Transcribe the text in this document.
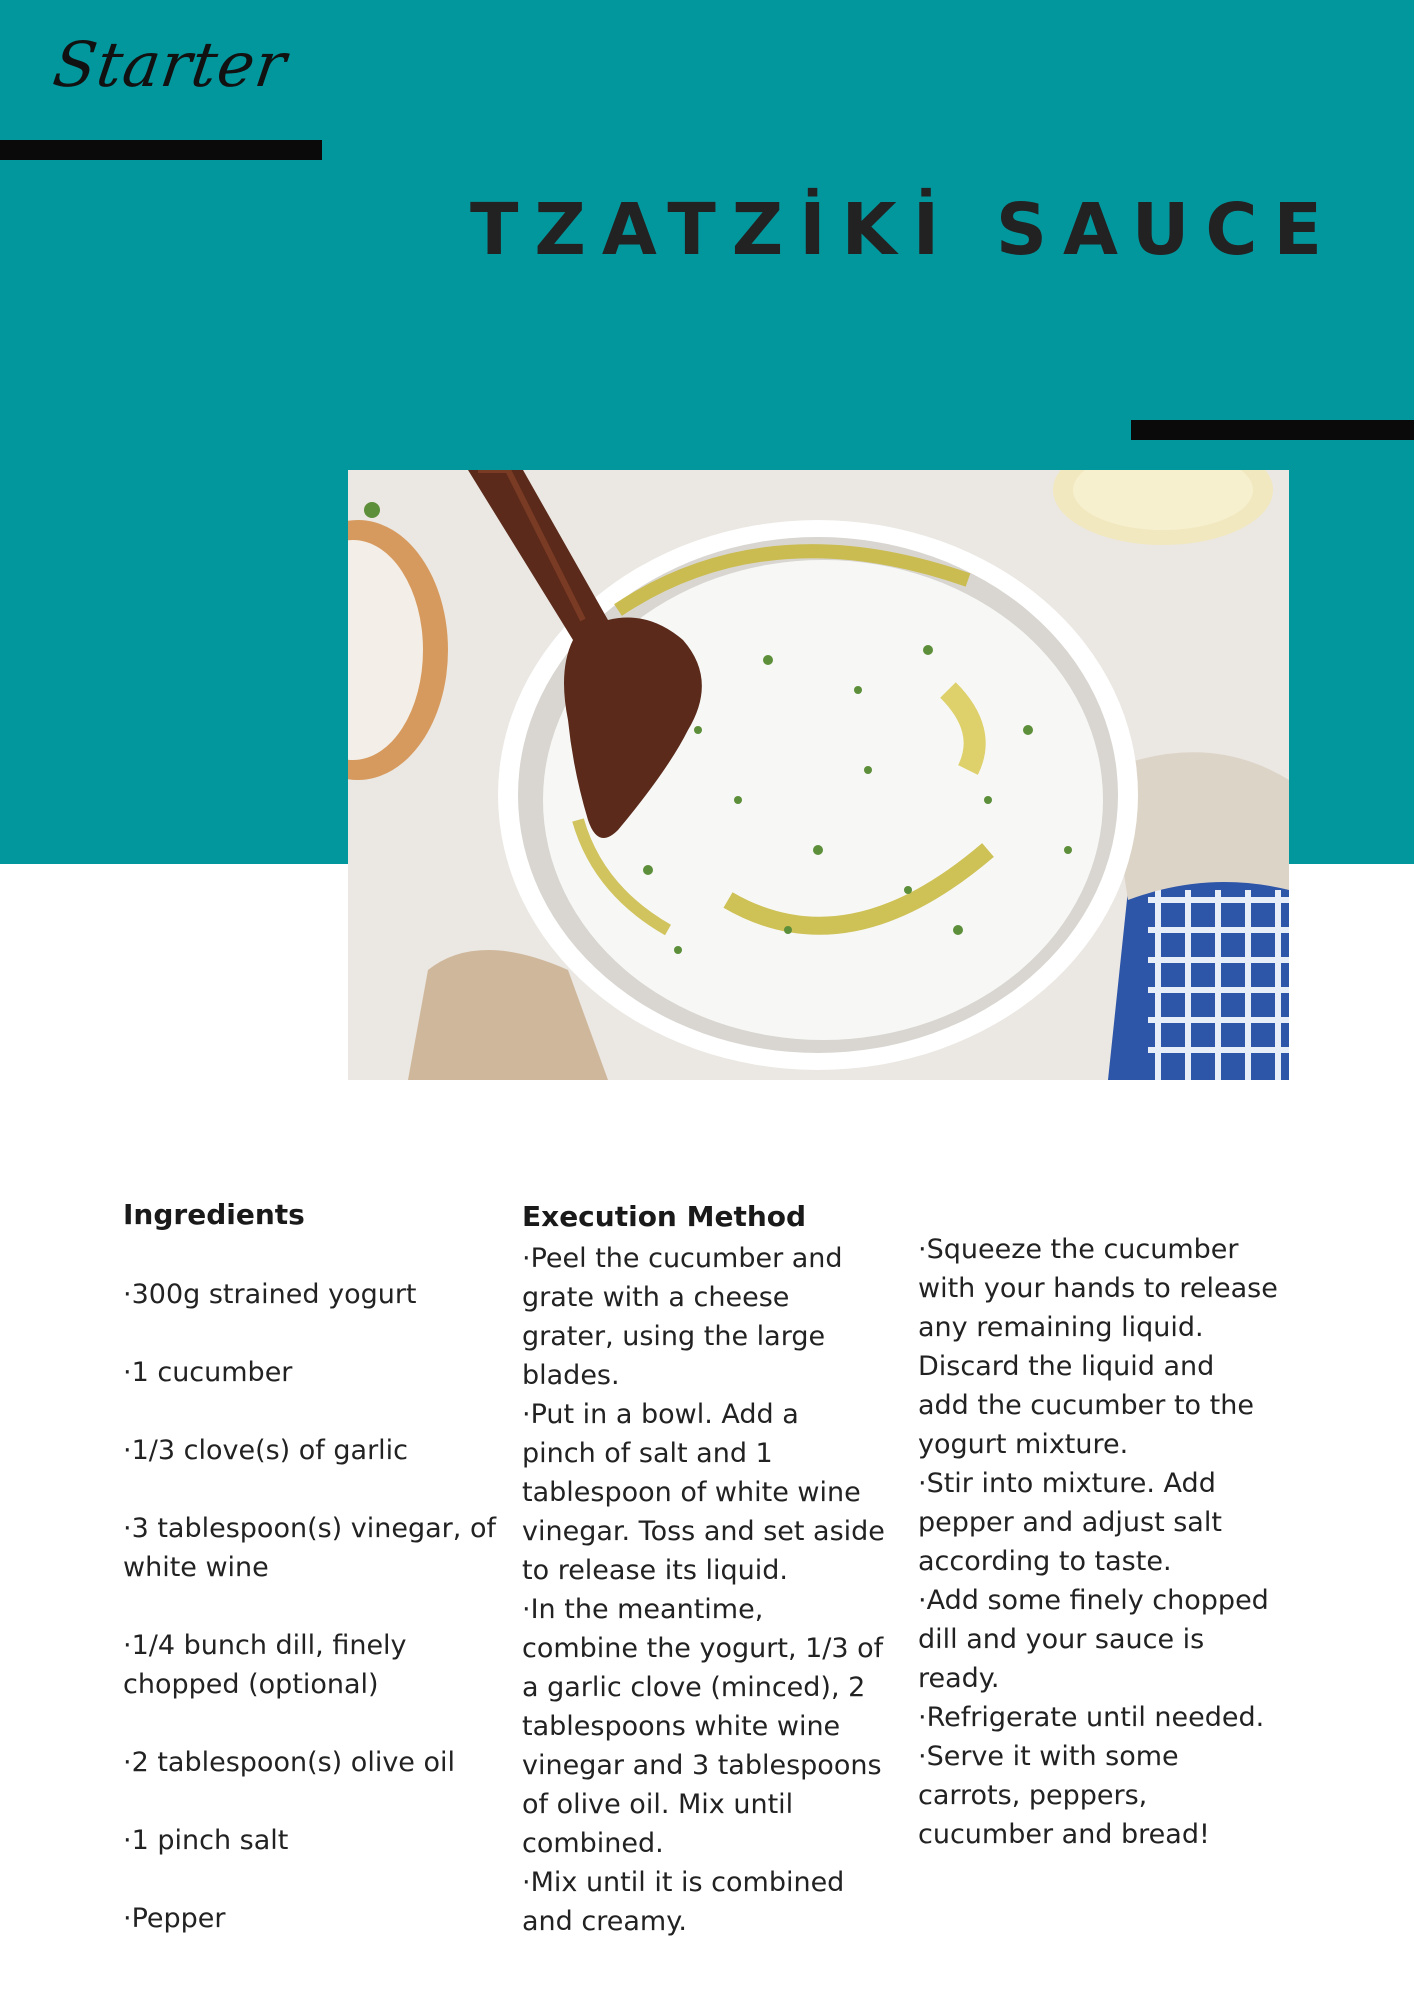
Starter
TZATZİKİ SAUCE
Ingredients

·300g strained yogurt

·1 cucumber

·1/3 clove(s) of garlic

·3 tablespoon(s) vinegar, of white wine

·1/4 bunch dill, finely chopped (optional)

·2 tablespoon(s) olive oil

·1 pinch salt

·Pepper

Execution Method
·Peel the cucumber and
grate with a cheese
grater, using the large
blades.
·Put in a bowl. Add a
pinch of salt and 1
tablespoon of white wine
vinegar. Toss and set aside
to release its liquid.
·In the meantime,
combine the yogurt, 1/3 of
a garlic clove (minced), 2
tablespoons white wine
vinegar and 3 tablespoons
of olive oil. Mix until
combined.
·Mix until it is combined
and creamy.
·Squeeze the cucumber
with your hands to release
any remaining liquid.
Discard the liquid and
add the cucumber to the
yogurt mixture.
·Stir into mixture. Add
pepper and adjust salt
according to taste.
·Add some finely chopped
dill and your sauce is
ready.
·Refrigerate until needed.
·Serve it with some
carrots, peppers,
cucumber and bread!
